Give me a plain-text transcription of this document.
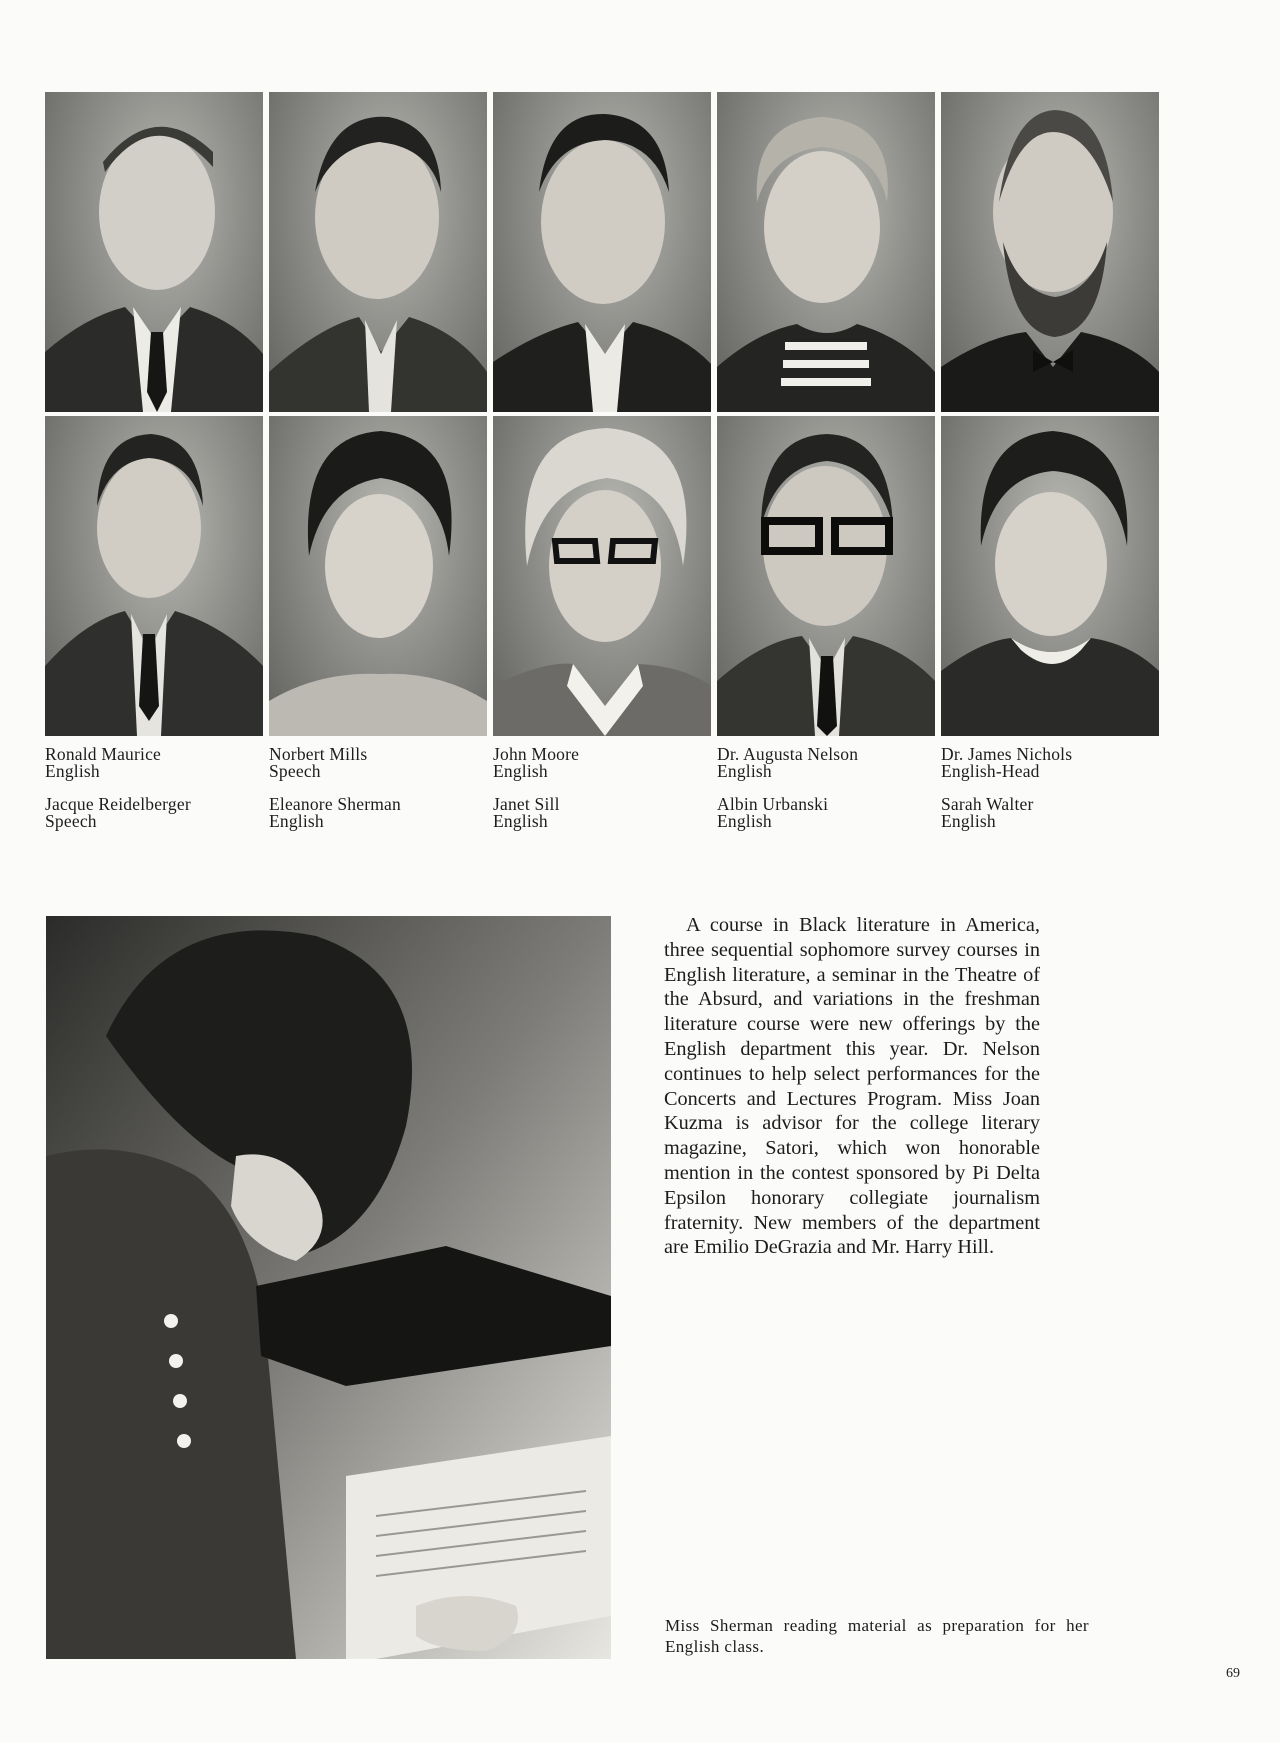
Ronald Maurice
English
Norbert Mills
Speech
John Moore
English
Dr. Augusta Nelson
English
Dr. James Nichols
English-Head
Jacque Reidelberger
Speech
Eleanore Sherman
English
Janet Sill
English
Albin Urbanski
English
Sarah Walter
English

A course in Black literature in America, three sequential sophomore survey courses in English literature, a seminar in the Theatre of the Absurd, and variations in the freshman literature course were new offerings by the English department this year. Dr. Nelson continues to help select performances for the Concerts and Lectures Program. Miss Joan Kuzma is advisor for the college literary magazine, Satori, which won honorable mention in the contest sponsored by Pi Delta Epsilon honorary collegiate journalism fraternity. New members of the department are Emilio DeGrazia and Mr. Harry Hill.

Miss Sherman reading material as preparation for her English class.

69
